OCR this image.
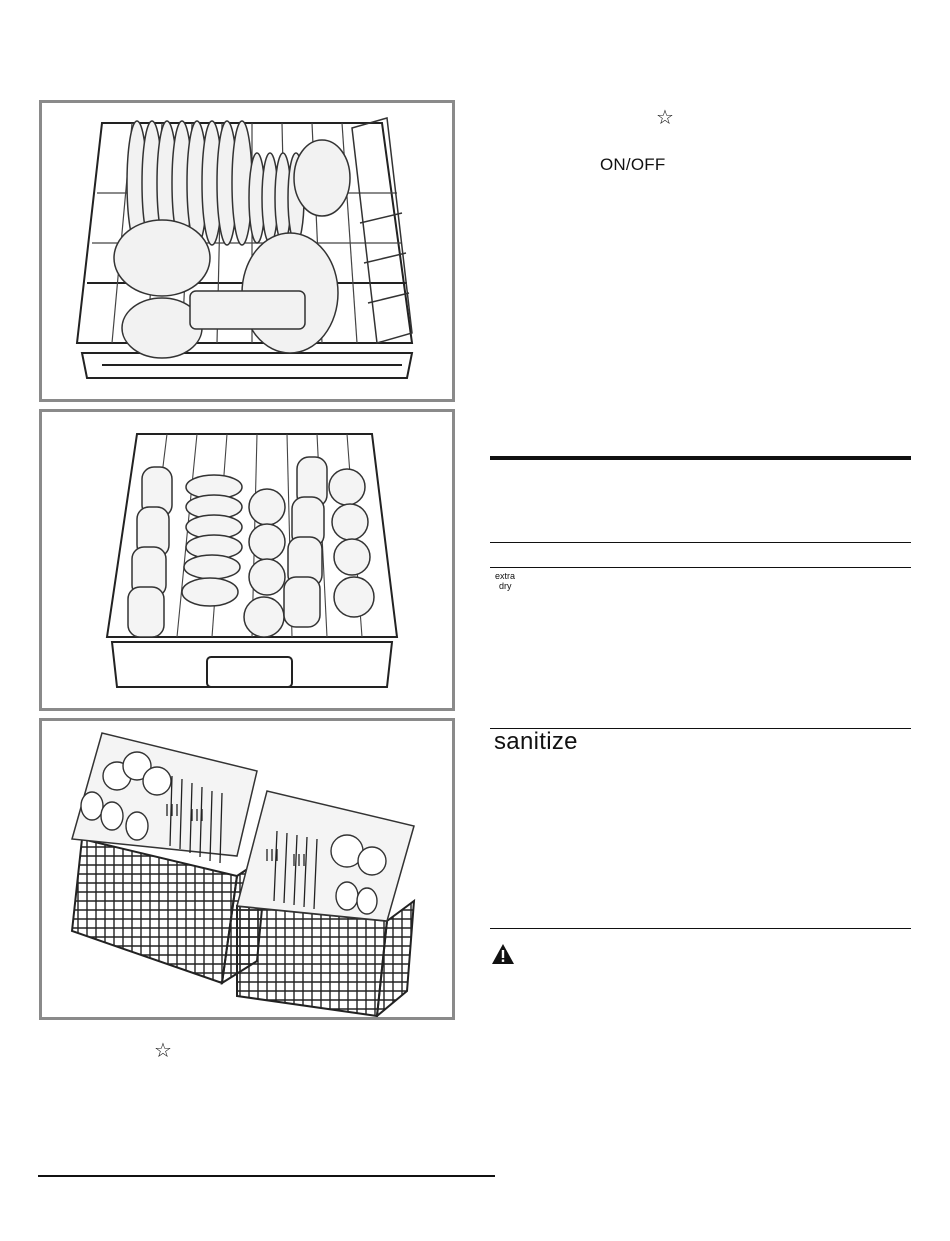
☆
ON/OFF
extra
dry
sanitize
☆
